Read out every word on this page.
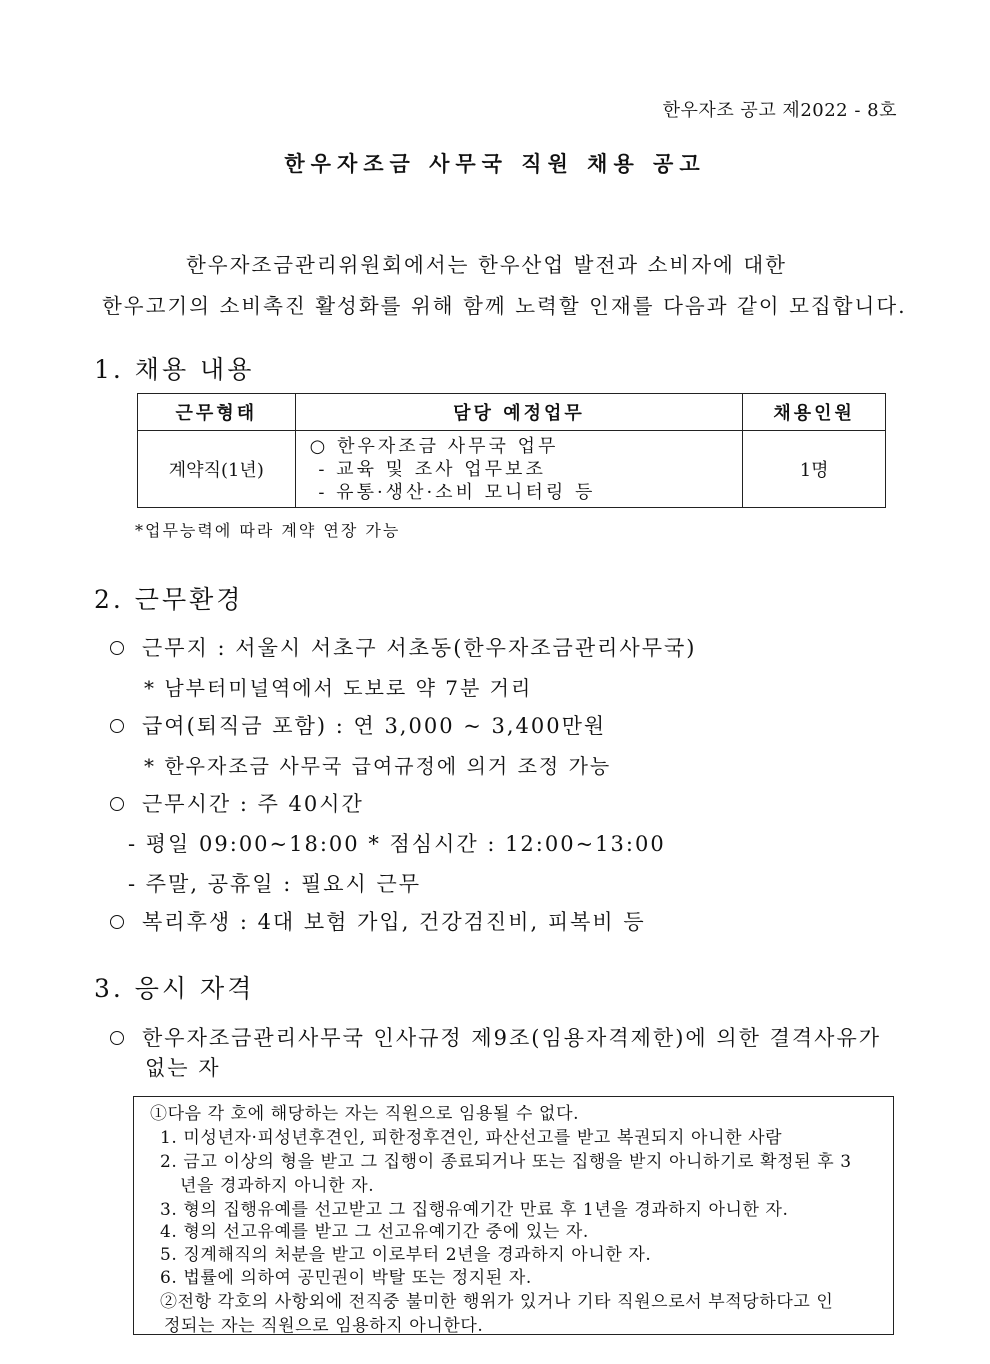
한우자조 공고 제2022 - 8호
한우자조금 사무국 직원 채용 공고
한우자조금관리위원회에서는 한우산업 발전과 소비자에 대한
한우고기의 소비촉진 활성화를 위해 함께 노력할 인재를 다음과 같이 모집합니다.
1. 채용 내용
근무형태	담당 예정업무	채용인원
계약직(1년)	○ 한우자조금 사무국 업무
- 교육 및 조사 업무보조
- 유통·생산·소비 모니터링 등	1명
*업무능력에 따라 계약 연장 가능
2. 근무환경
근무지 : 서울시 서초구 서초동(한우자조금관리사무국)
* 남부터미널역에서 도보로 약 7분 거리
급여(퇴직금 포함) : 연 3,000 ~ 3,400만원
* 한우자조금 사무국 급여규정에 의거 조정 가능
근무시간 : 주 40시간
- 평일 09:00~18:00 * 점심시간 : 12:00~13:00
- 주말, 공휴일 : 필요시 근무
복리후생 : 4대 보험 가입, 건강검진비, 피복비 등
3. 응시 자격
한우자조금관리사무국 인사규정 제9조(임용자격제한)에 의한 결격사유가
없는 자
①다음 각 호에 해당하는 자는 직원으로 임용될 수 없다.
1. 미성년자·피성년후견인, 피한정후견인, 파산선고를 받고 복권되지 아니한 사람
2. 금고 이상의 형을 받고 그 집행이 종료되거나 또는 집행을 받지 아니하기로 확정된 후 3
년을 경과하지 아니한 자.
3. 형의 집행유예를 선고받고 그 집행유예기간 만료 후 1년을 경과하지 아니한 자.
4. 형의 선고유예를 받고 그 선고유예기간 중에 있는 자.
5. 징계해직의 처분을 받고 이로부터 2년을 경과하지 아니한 자.
6. 법률에 의하여 공민권이 박탈 또는 정지된 자.
②전항 각호의 사항외에 전직중 불미한 행위가 있거나 기타 직원으로서 부적당하다고 인
정되는 자는 직원으로 임용하지 아니한다.
